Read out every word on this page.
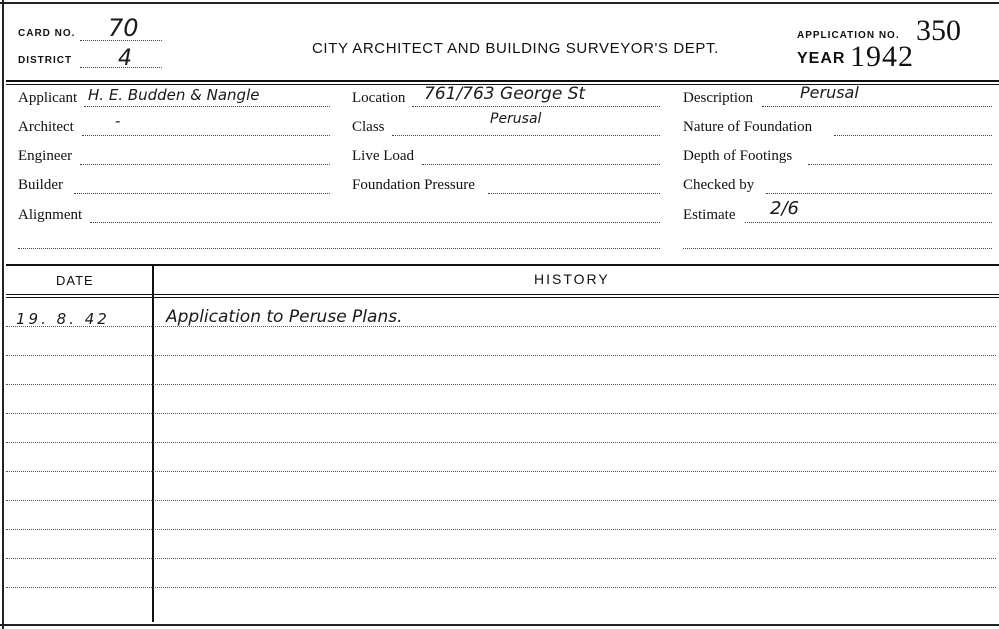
CARD NO. 70
DISTRICT 4	CITY ARCHITECT AND BUILDING SURVEYOR'S DEPT.
APPLICATION NO. 350
YEAR 1942
Applicant H. E. Budden & Nangle
Architect	-
Engineer
Builder
Alignment
Location 761/763 George St
Class	Perusal
Live Load
Foundation Pressure
Description	Perusal
Nature of Foundation
Depth of Footings
Checked by
Estimate 2/6
DATE	HISTORY
19. 8. 42	Application to Peruse Plans.
